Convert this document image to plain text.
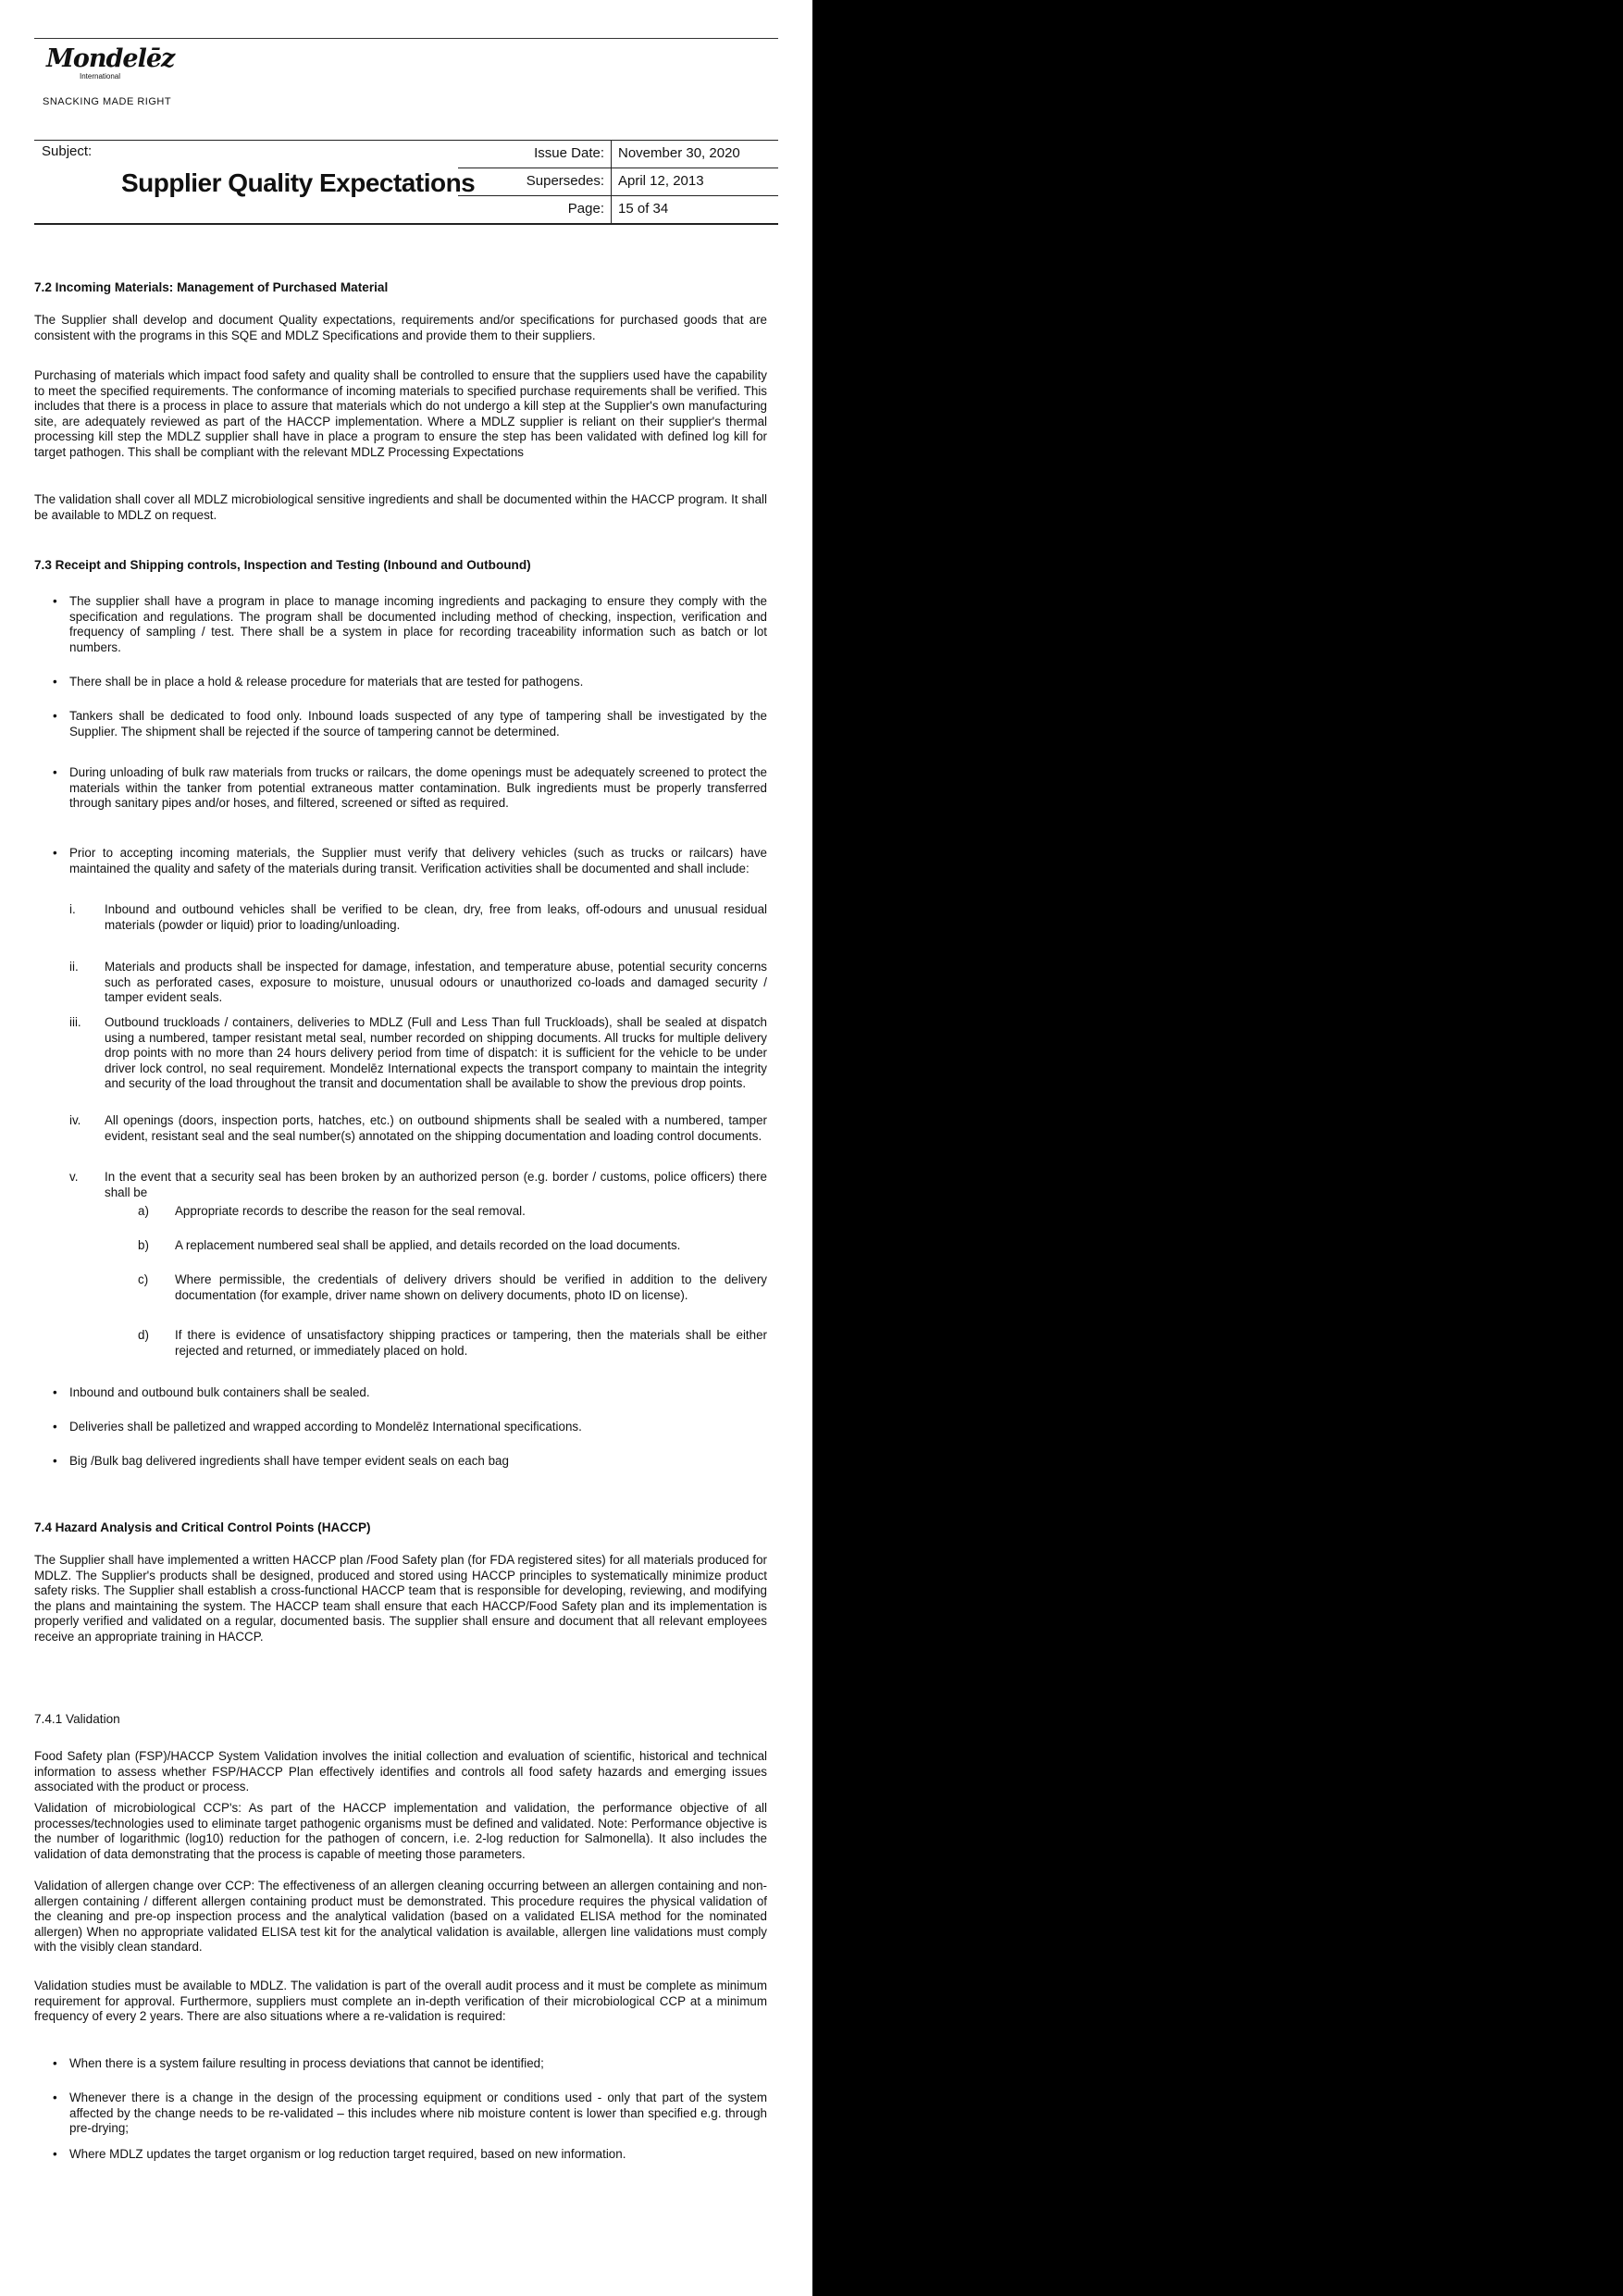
Mondelēz
International
SNACKING MADE RIGHT
Subject:
Supplier Quality Expectations
Issue Date:	November 30, 2020
Supersedes:	April 12, 2013
Page:	15 of 34
7.2 Incoming Materials: Management of Purchased Material

The Supplier shall develop and document Quality expectations, requirements and/or specifications for purchased goods that are consistent with the programs in this SQE and MDLZ Specifications and provide them to their suppliers.

Purchasing of materials which impact food safety and quality shall be controlled to ensure that the suppliers used have the capability to meet the specified requirements. The conformance of incoming materials to specified purchase requirements shall be verified. This includes that there is a process in place to assure that materials which do not undergo a kill step at the Supplier's own manufacturing site, are adequately reviewed as part of the HACCP implementation. Where a MDLZ supplier is reliant on their supplier's thermal processing kill step the MDLZ supplier shall have in place a program to ensure the step has been validated with defined log kill for target pathogen. This shall be compliant with the relevant MDLZ Processing Expectations

The validation shall cover all MDLZ microbiological sensitive ingredients and shall be documented within the HACCP program. It shall be available to MDLZ on request.

7.3 Receipt and Shipping controls, Inspection and Testing (Inbound and Outbound)
• The supplier shall have a program in place to manage incoming ingredients and packaging to ensure they comply with the specification and regulations. The program shall be documented including method of checking, inspection, verification and frequency of sampling / test. There shall be a system in place for recording traceability information such as batch or lot numbers.

• There shall be in place a hold & release procedure for materials that are tested for pathogens.

• Tankers shall be dedicated to food only. Inbound loads suspected of any type of tampering shall be investigated by the Supplier. The shipment shall be rejected if the source of tampering cannot be determined.

• During unloading of bulk raw materials from trucks or railcars, the dome openings must be adequately screened to protect the materials within the tanker from potential extraneous matter contamination. Bulk ingredients must be properly transferred through sanitary pipes and/or hoses, and filtered, screened or sifted as required.

• Prior to accepting incoming materials, the Supplier must verify that delivery vehicles (such as trucks or railcars) have maintained the quality and safety of the materials during transit. Verification activities shall be documented and shall include:

i. Inbound and outbound vehicles shall be verified to be clean, dry, free from leaks, off-odours and unusual residual materials (powder or liquid) prior to loading/unloading.

ii. Materials and products shall be inspected for damage, infestation, and temperature abuse, potential security concerns such as perforated cases, exposure to moisture, unusual odours or unauthorized co-loads and damaged security / tamper evident seals.

iii. Outbound truckloads / containers, deliveries to MDLZ (Full and Less Than full Truckloads), shall be sealed at dispatch using a numbered, tamper resistant metal seal, number recorded on shipping documents. All trucks for multiple delivery drop points with no more than 24 hours delivery period from time of dispatch: it is sufficient for the vehicle to be under driver lock control, no seal requirement. Mondelēz International expects the transport company to maintain the integrity and security of the load throughout the transit and documentation shall be available to show the previous drop points.

iv. All openings (doors, inspection ports, hatches, etc.) on outbound shipments shall be sealed with a numbered, tamper evident, resistant seal and the seal number(s) annotated on the shipping documentation and loading control documents.

v. In the event that a security seal has been broken by an authorized person (e.g. border / customs, police officers) there shall be

a) Appropriate records to describe the reason for the seal removal.

b) A replacement numbered seal shall be applied, and details recorded on the load documents.

c) Where permissible, the credentials of delivery drivers should be verified in addition to the delivery documentation (for example, driver name shown on delivery documents, photo ID on license).

d) If there is evidence of unsatisfactory shipping practices or tampering, then the materials shall be either rejected and returned, or immediately placed on hold.

• Inbound and outbound bulk containers shall be sealed.

• Deliveries shall be palletized and wrapped according to Mondelēz International specifications.

• Big /Bulk bag delivered ingredients shall have temper evident seals on each bag

7.4 Hazard Analysis and Critical Control Points (HACCP)

The Supplier shall have implemented a written HACCP plan /Food Safety plan (for FDA registered sites) for all materials produced for MDLZ. The Supplier's products shall be designed, produced and stored using HACCP principles to systematically minimize product safety risks. The Supplier shall establish a cross-functional HACCP team that is responsible for developing, reviewing, and modifying the plans and maintaining the system. The HACCP team shall ensure that each HACCP/Food Safety plan and its implementation is properly verified and validated on a regular, documented basis. The supplier shall ensure and document that all relevant employees receive an appropriate training in HACCP.

7.4.1 Validation

Food Safety plan (FSP)/HACCP System Validation involves the initial collection and evaluation of scientific, historical and technical information to assess whether FSP/HACCP Plan effectively identifies and controls all food safety hazards and emerging issues associated with the product or process.

Validation of microbiological CCP's: As part of the HACCP implementation and validation, the performance objective of all processes/technologies used to eliminate target pathogenic organisms must be defined and validated. Note: Performance objective is the number of logarithmic (log10) reduction for the pathogen of concern, i.e. 2-log reduction for Salmonella). It also includes the validation of data demonstrating that the process is capable of meeting those parameters.

Validation of allergen change over CCP: The effectiveness of an allergen cleaning occurring between an allergen containing and non-allergen containing / different allergen containing product must be demonstrated. This procedure requires the physical validation of the cleaning and pre-op inspection process and the analytical validation (based on a validated ELISA method for the nominated allergen) When no appropriate validated ELISA test kit for the analytical validation is available, allergen line validations must comply with the visibly clean standard.

Validation studies must be available to MDLZ. The validation is part of the overall audit process and it must be complete as minimum requirement for approval. Furthermore, suppliers must complete an in-depth verification of their microbiological CCP at a minimum frequency of every 2 years. There are also situations where a re-validation is required:

• When there is a system failure resulting in process deviations that cannot be identified;

• Whenever there is a change in the design of the processing equipment or conditions used - only that part of the system affected by the change needs to be re-validated – this includes where nib moisture content is lower than specified e.g. through pre-drying;

• Where MDLZ updates the target organism or log reduction target required, based on new information.
